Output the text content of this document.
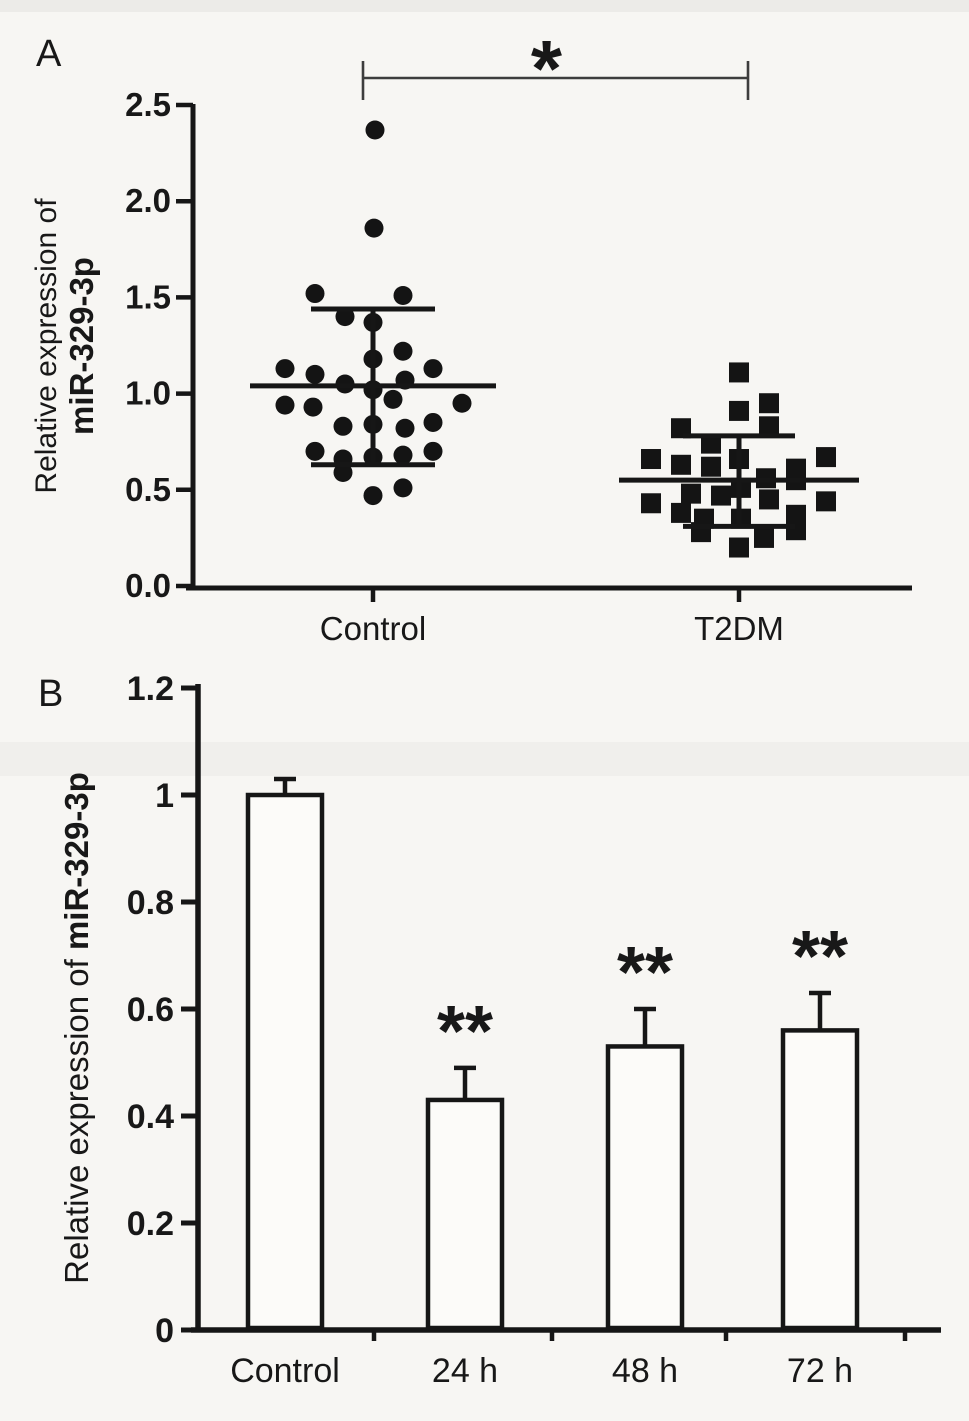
A
0.0
0.5
1.0
1.5
2.0
2.5
Control	T2DM
Relative expression of miR-329-3p
*
B
0
0.2
0.4
0.6
0.8
1
1.2
Relative expression of miR-329-3p
Control
**
24 h
**
48 h
**
72 h
